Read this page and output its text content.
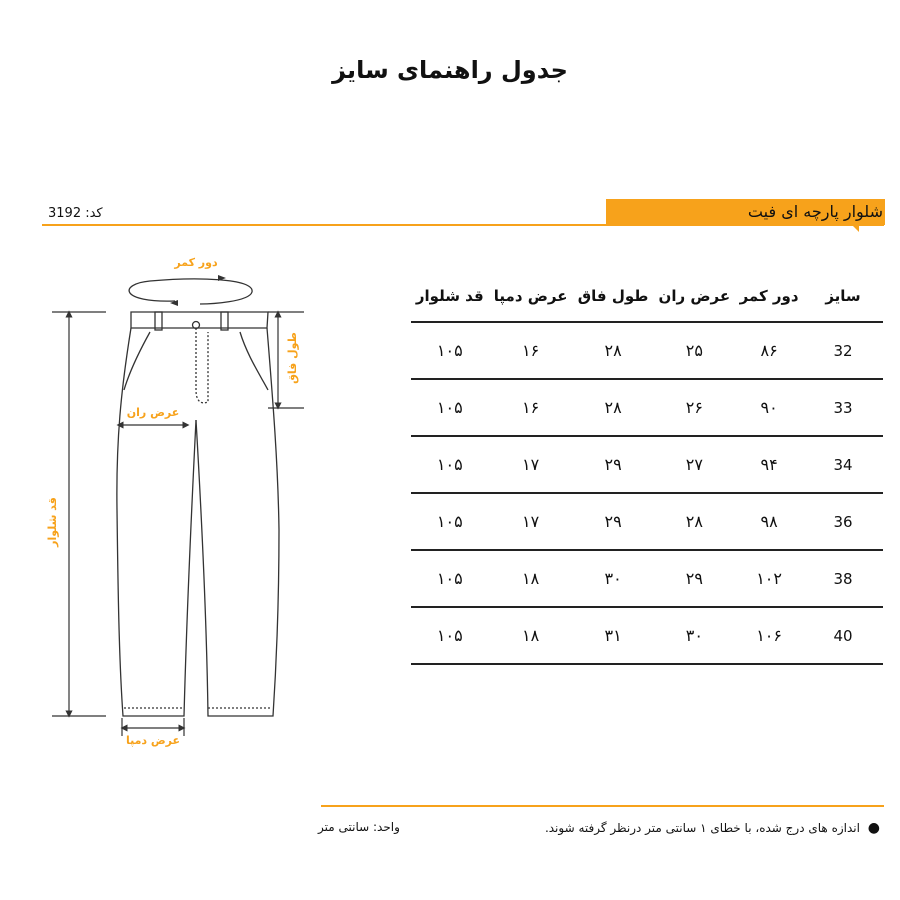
جدول راهنمای سایز
کد: 3192	شلوار پارچه ای فیت
دور کمر
طول فاق
عرض ران
قد شلوار
عرض دمپا
سایز	دور کمر	عرض ران	طول فاق	عرض دمپا	قد شلوار
32	۸۶	۲۵	۲۸	۱۶	۱۰۵
33	۹۰	۲۶	۲۸	۱۶	۱۰۵
34	۹۴	۲۷	۲۹	۱۷	۱۰۵
36	۹۸	۲۸	۲۹	۱۷	۱۰۵
38	۱۰۲	۲۹	۳۰	۱۸	۱۰۵
40	۱۰۶	۳۰	۳۱	۱۸	۱۰۵
● اندازه های درج شده، با خطای ۱ سانتی متر درنظر گرفته شوند.
واحد: سانتی متر
